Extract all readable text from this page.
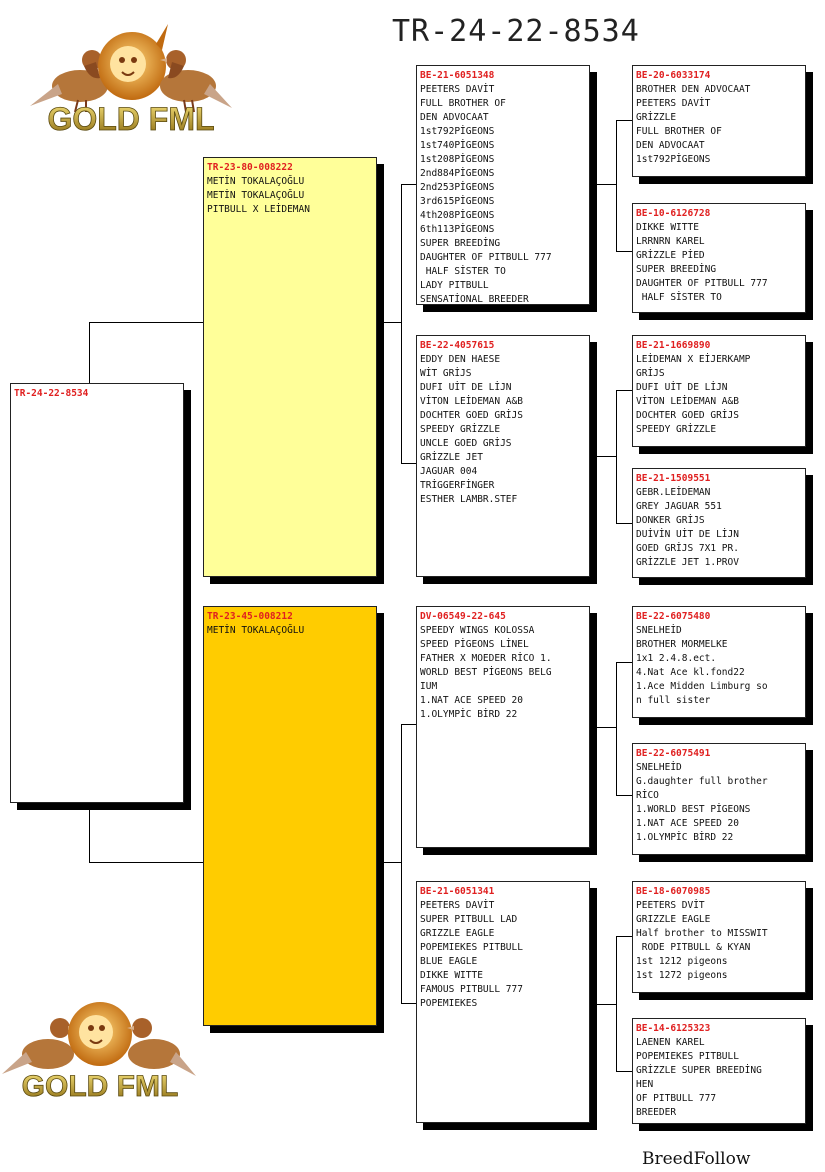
TR-24-22-8534
GOLD FML
GOLD FML
TR-24-22-8534
TR-23-80-008222
METİN TOKALAÇOĞLU
METİN TOKALAÇOĞLU
PITBULL X LEİDEMAN
TR-23-45-008212
METİN TOKALAÇOĞLU
BE-21-6051348
PEETERS DAVİT
FULL BROTHER OF
DEN ADVOCAAT
1st792PİGEONS
1st740PİGEONS
1st208PİGEONS
2nd884PİGEONS
2nd253PİGEONS
3rd615PİGEONS
4th208PİGEONS
6th113PİGEONS
SUPER BREEDİNG
DAUGHTER OF PITBULL 777
HALF SİSTER TO
LADY PITBULL
SENSATİONAL BREEDER
BE-22-4057615
EDDY DEN HAESE
WİT GRİJS
DUFI UİT DE LİJN
VİTON LEİDEMAN A&B
DOCHTER GOED GRİJS
SPEEDY GRİZZLE
UNCLE GOED GRİJS
GRİZZLE JET
JAGUAR 004
TRİGGERFİNGER
ESTHER LAMBR.STEF
DV-06549-22-645
SPEEDY WINGS KOLOSSA
SPEED PİGEONS LİNEL
FATHER X MOEDER RİCO 1.
WORLD BEST PİGEONS BELG
IUM
1.NAT ACE SPEED 20
1.OLYMPİC BİRD 22
BE-21-6051341
PEETERS DAVİT
SUPER PITBULL LAD
GRIZZLE EAGLE
POPEMIEKES PITBULL
BLUE EAGLE
DIKKE WITTE
FAMOUS PITBULL 777
POPEMIEKES
BE-20-6033174
BROTHER DEN ADVOCAAT
PEETERS DAVİT
GRİZZLE
FULL BROTHER OF
DEN ADVOCAAT
1st792PİGEONS
BE-10-6126728
DIKKE WITTE
LRRNRN KAREL
GRİZZLE PİED
SUPER BREEDİNG
DAUGHTER OF PITBULL 777
HALF SİSTER TO
BE-21-1669890
LEİDEMAN X EİJERKAMP
GRİJS
DUFI UİT DE LİJN
VİTON LEİDEMAN A&B
DOCHTER GOED GRİJS
SPEEDY GRİZZLE
BE-21-1509551
GEBR.LEİDEMAN
GREY JAGUAR 551
DONKER GRİJS
DUİVİN UİT DE LİJN
GOED GRİJS 7X1 PR.
GRİZZLE JET 1.PROV
BE-22-6075480
SNELHEİD
BROTHER MORMELKE
1x1 2.4.8.ect.
4.Nat Ace kl.fond22
1.Ace Midden Limburg so
n full sister
BE-22-6075491
SNELHEİD
G.daughter full brother
RİCO
1.WORLD BEST PİGEONS
1.NAT ACE SPEED 20
1.OLYMPİC BİRD 22
BE-18-6070985
PEETERS DVİT
GRIZZLE EAGLE
Half brother to MISSWIT
RODE PITBULL & KYAN
1st 1212 pigeons
1st 1272 pigeons
BE-14-6125323
LAENEN KAREL
POPEMIEKES PITBULL
GRİZZLE SUPER BREEDİNG
HEN
OF PITBULL 777
BREEDER
BreedFollow
